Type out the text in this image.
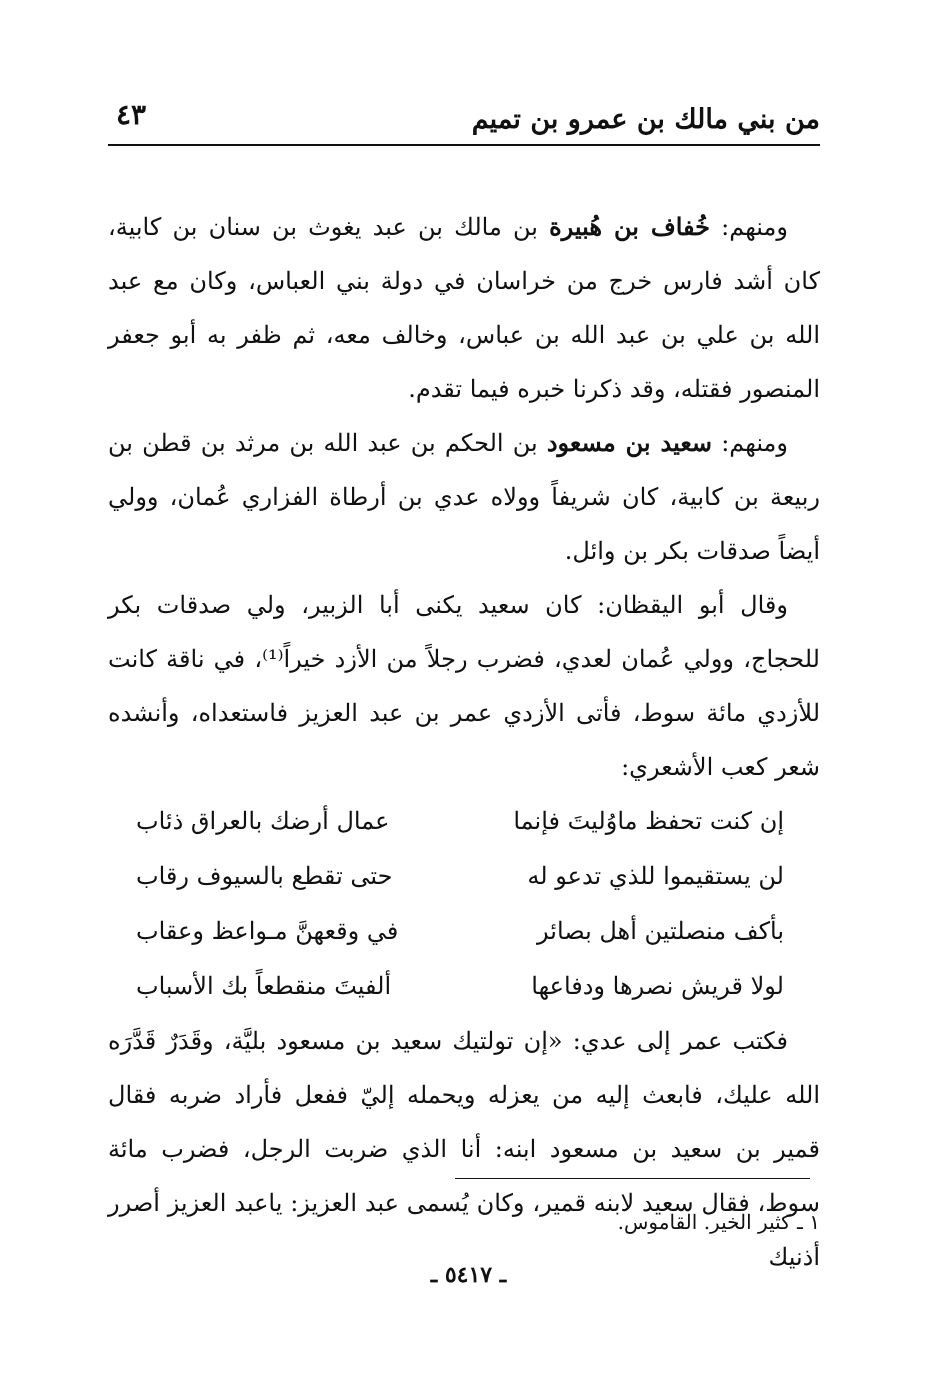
من بني مالك بن عمرو بن تميم
٤٣

ومنهم: خُفاف بن هُبيرة بن مالك بن عبد يغوث بن سنان بن كابية، كان أشد فارس خرج من خراسان في دولة بني العباس، وكان مع عبد الله بن علي بن عبد الله بن عباس، وخالف معه، ثم ظفر به أبو جعفر المنصور فقتله، وقد ذكرنا خبره فيما تقدم.

ومنهم: سعيد بن مسعود بن الحكم بن عبد الله بن مرثد بن قطن بن ربيعة بن كابية، كان شريفاً وولاه عدي بن أرطاة الفزاري عُمان، وولي أيضاً صدقات بكر بن وائل.

وقال أبو اليقظان: كان سعيد يكنى أبا الزبير، ولي صدقات بكر للحجاج، وولي عُمان لعدي، فضرب رجلاً من الأزد خيراً⁽¹⁾، في ناقة كانت للأزدي مائة سوط، فأتى الأزدي عمر بن عبد العزيز فاستعداه، وأنشده شعر كعب الأشعري:

إن كنت تحفظ ماوُليتَ فإنما
عمال أرضك بالعراق ذئاب
لن يستقيموا للذي تدعو له
حتى تقطع بالسيوف رقاب
بأكف منصلتين أهل بصائر
في وقعهنَّ مـواعظ وعقاب
لولا قريش نصرها ودفاعها
ألفيتَ منقطعاً بك الأسباب

فكتب عمر إلى عدي: «إن تولتيك سعيد بن مسعود بليَّة، وقَدَرٌ قَدَّرَه الله عليك، فابعث إليه من يعزله ويحمله إليّ ففعل فأراد ضربه فقال قمير بن سعيد بن مسعود ابنه: أنا الذي ضربت الرجل، فضرب مائة سوط، فقال سعيد لابنه قمير، وكان يُسمى عبد العزيز: ياعبد العزيز أصرر أذنيك

١ ـ كثير الخير. القاموس.
ـ ٥٤١٧ ـ
